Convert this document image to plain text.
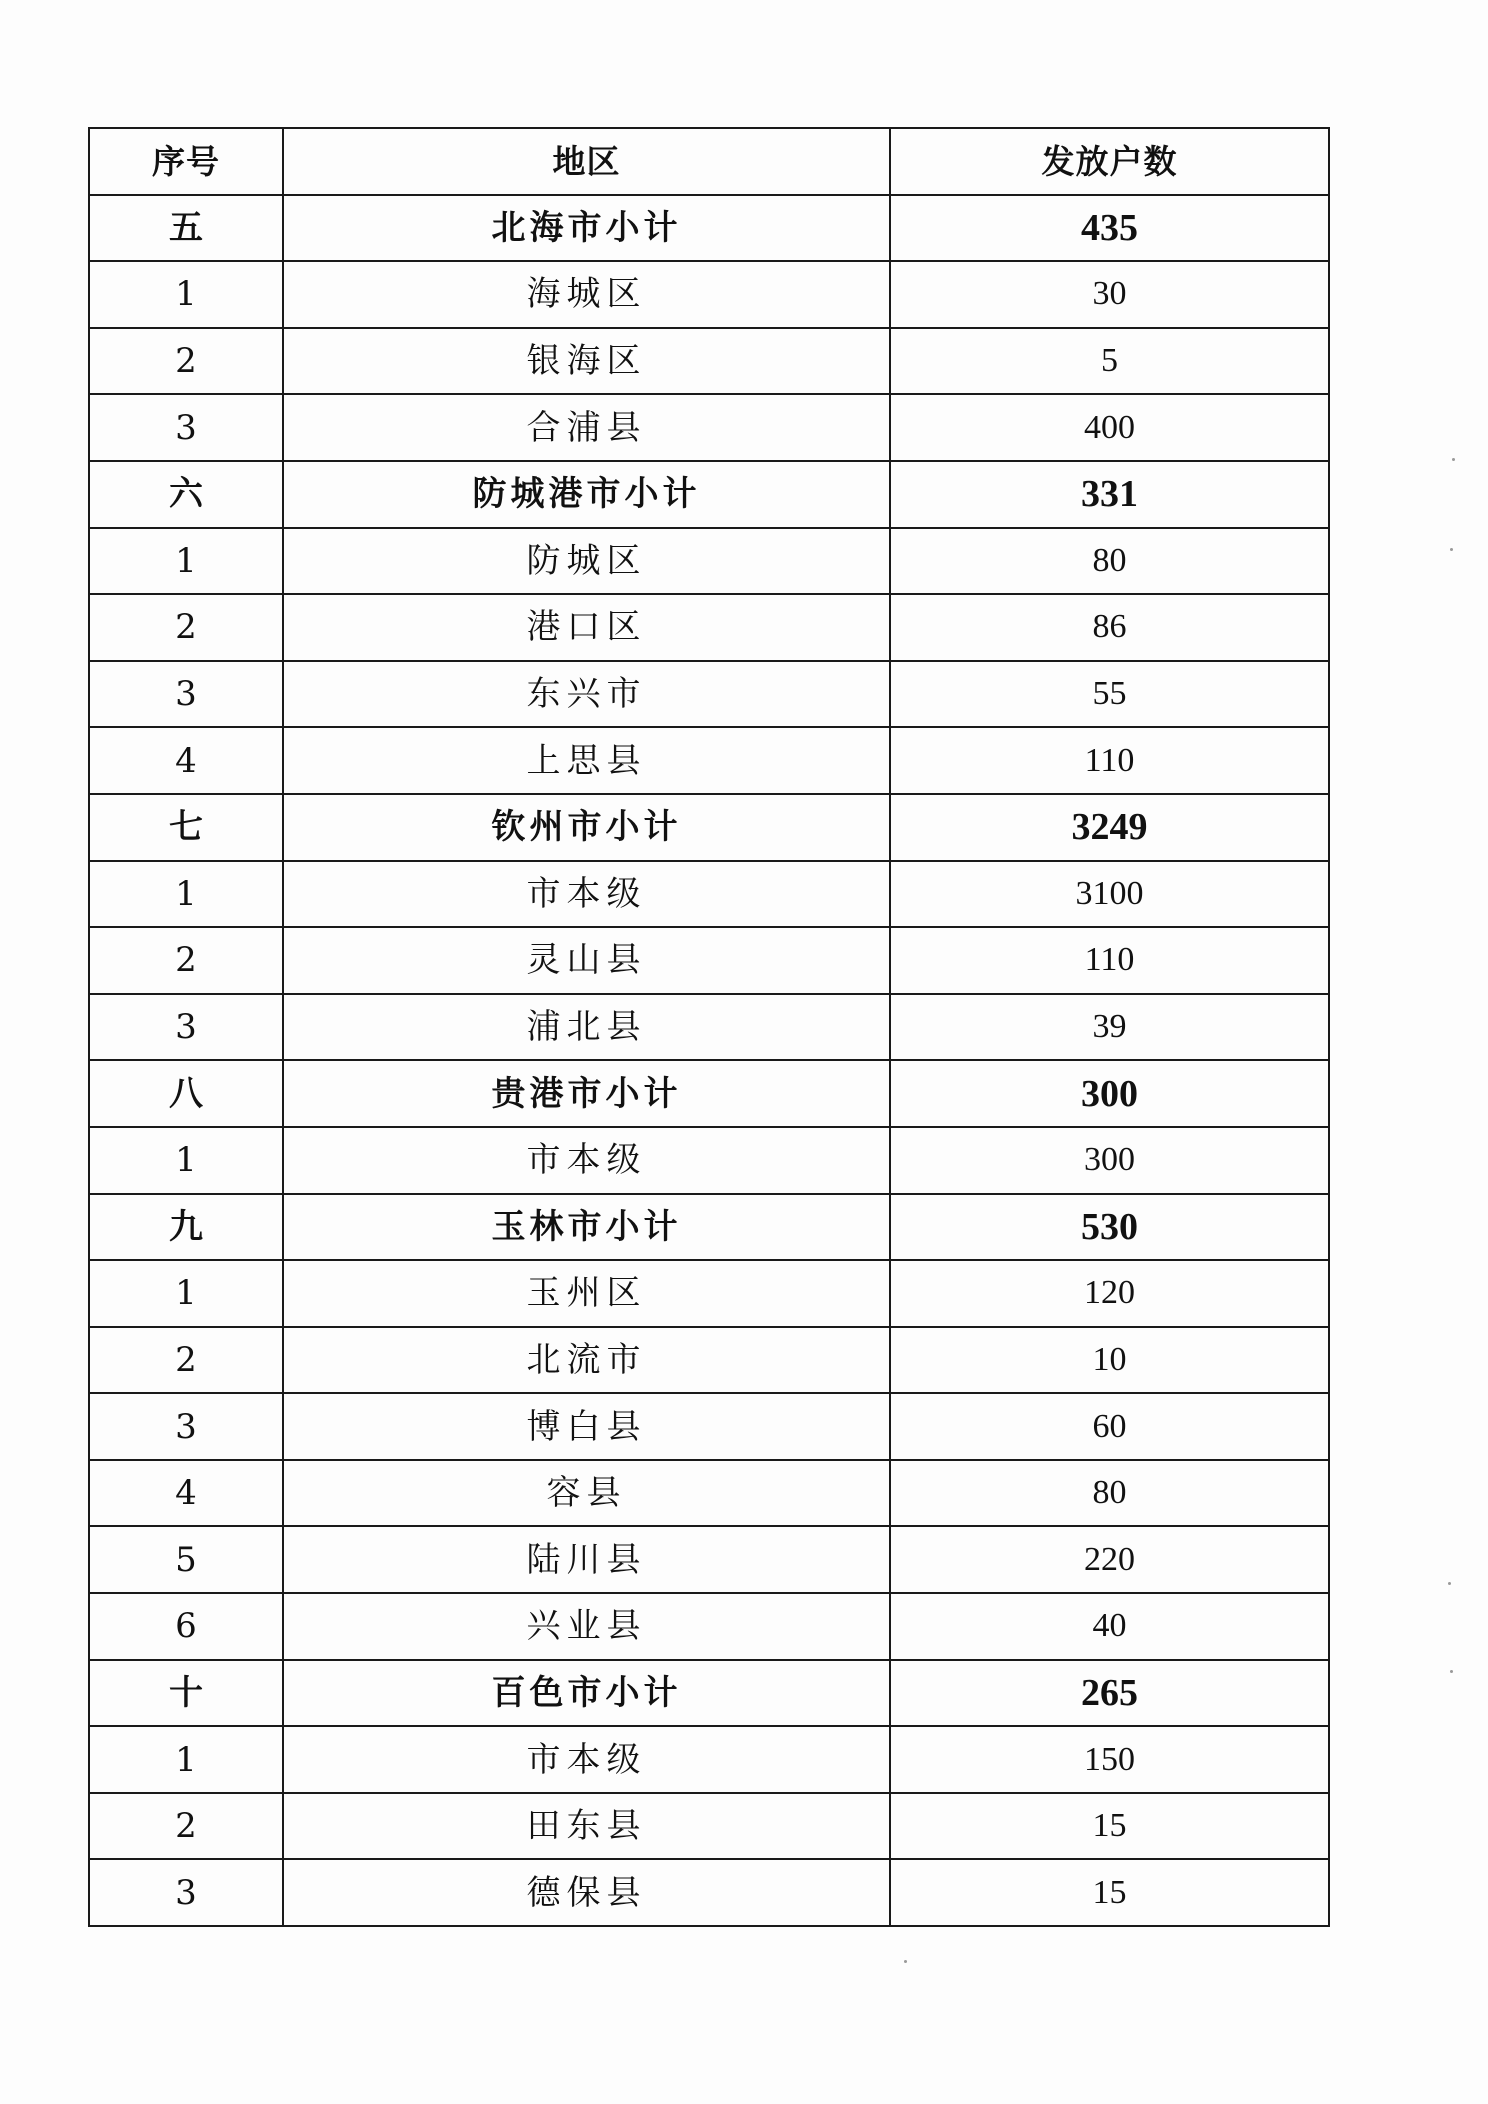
序号	地区	发放户数
五	北海市小计	435
1	海城区	30
2	银海区	5
3	合浦县	400
六	防城港市小计	331
1	防城区	80
2	港口区	86
3	东兴市	55
4	上思县	110
七	钦州市小计	3249
1	市本级	3100
2	灵山县	110
3	浦北县	39
八	贵港市小计	300
1	市本级	300
九	玉林市小计	530
1	玉州区	120
2	北流市	10
3	博白县	60
4	容县	80
5	陆川县	220
6	兴业县	40
十	百色市小计	265
1	市本级	150
2	田东县	15
3	德保县	15
